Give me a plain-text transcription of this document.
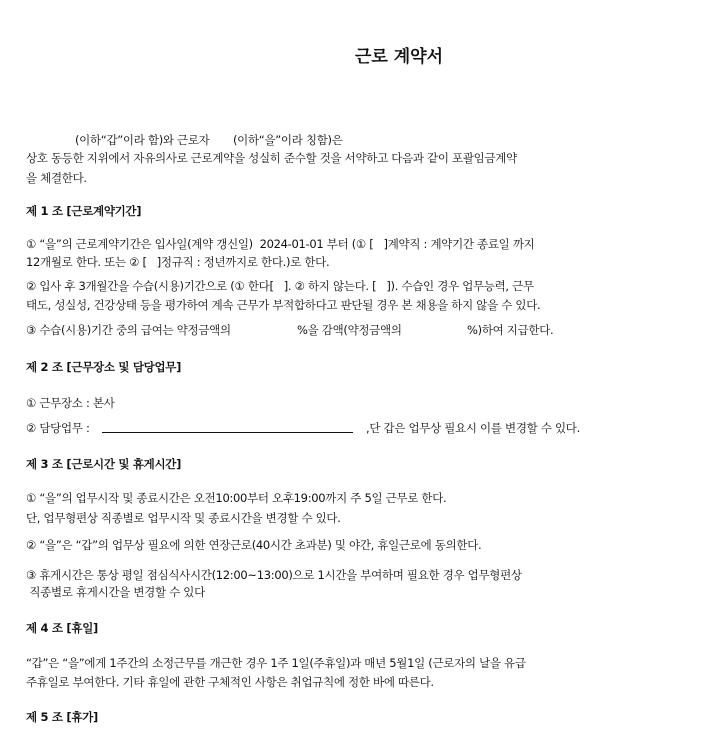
근로 계약서
(이하“갑”이라 함)와 근로자 (이하“을”이라 칭함)은
상호 동등한 지위에서 자유의사로 근로계약을 성실히 준수할 것을 서약하고 다음과 같이 포괄임금계약
을 체결한다.
제 1 조 [근로계약기간]
① “을”의 근로계약기간은 입사일(계약 갱신일)  2024-01-01 부터 (① [   ]계약직 : 계약기간 종료일 까지
12개월로 한다. 또는 ② [   ]정규직 : 정년까지로 한다.)로 한다.
② 입사 후 3개월간을 수습(시용)기간으로 (① 한다[   ]. ② 하지 않는다. [   ]). 수습인 경우 업무능력, 근무
태도, 성실성, 건강상태 등을 평가하여 계속 근무가 부적합하다고 판단될 경우 본 채용을 하지 않을 수 있다.
③ 수습(시용)기간 중의 급여는 약정금액의	%을 감액(약정금액의	%)하여 지급한다.
제 2 조 [근무장소 및 담당업무]
① 근무장소 : 본사
② 담당업무 :	,단 갑은 업무상 필요시 이를 변경할 수 있다.
제 3 조 [근로시간 및 휴게시간]
① “을”의 업무시작 및 종료시간은 오전10:00부터 오후19:00까지 주 5일 근무로 한다.
단, 업무형편상 직종별로 업무시작 및 종료시간을 변경할 수 있다.
② “을”은 “갑”의 업무상 필요에 의한 연장근로(40시간 초과분) 및 야간, 휴일근로에 동의한다.
③ 휴게시간은 통상 평일 점심식사시간(12:00~13:00)으로 1시간을 부여하며 필요한 경우 업무형편상
직종별로 휴게시간을 변경할 수 있다
제 4 조 [휴일]
“갑”은 “을”에게 1주간의 소정근무를 개근한 경우 1주 1일(주휴일)과 매년 5월1일 (근로자의 날을 유급
주휴일로 부여한다. 기타 휴일에 관한 구체적인 사항은 취업규칙에 정한 바에 따른다.
제 5 조 [휴가]
